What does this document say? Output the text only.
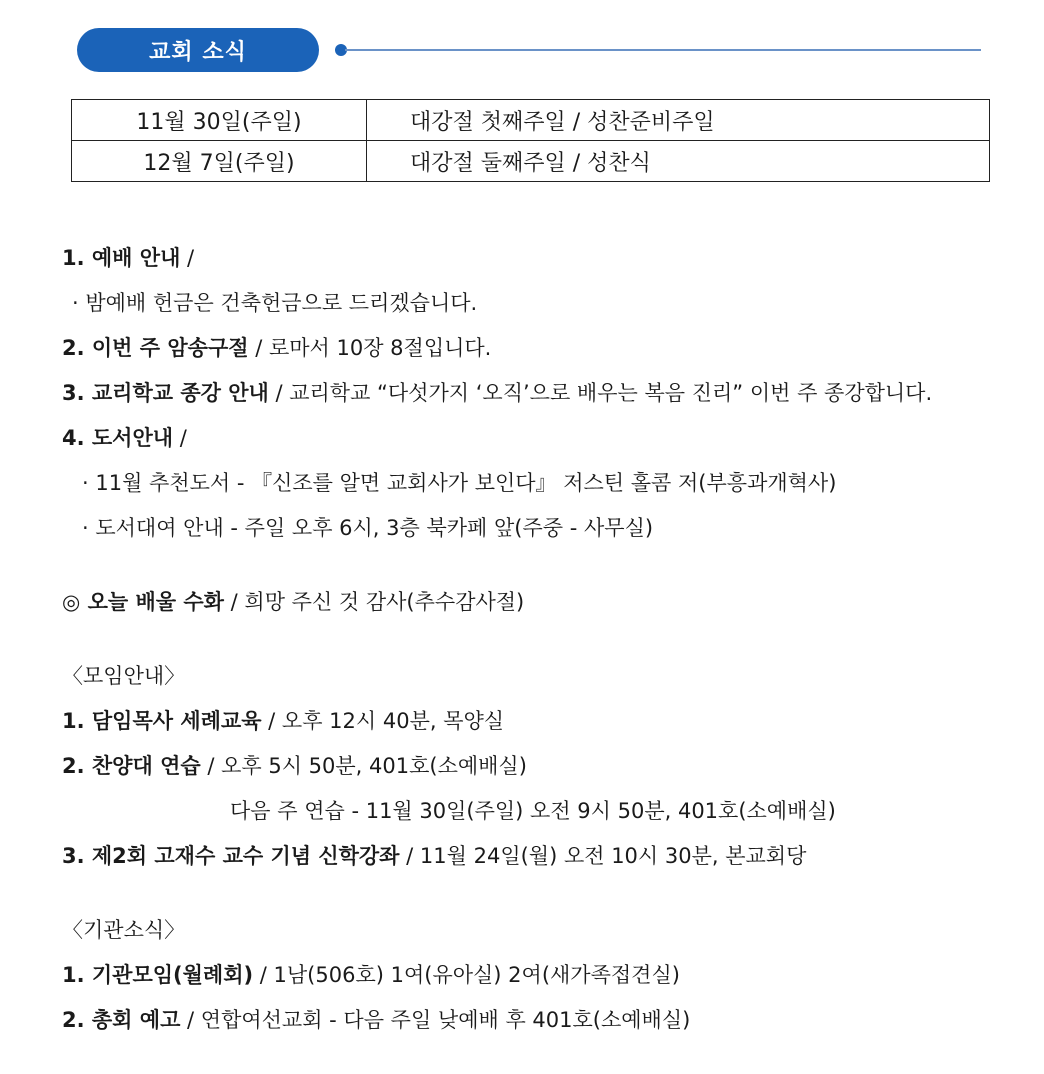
교회 소식
11월 30일(주일)	대강절 첫째주일 / 성찬준비주일
12월 7일(주일)	대강절 둘째주일 / 성찬식
1. 예배 안내 /
· 밤예배 헌금은 건축헌금으로 드리겠습니다.
2. 이번 주 암송구절 / 로마서 10장 8절입니다.
3. 교리학교 종강 안내 / 교리학교 “다섯가지 ‘오직’으로 배우는 복음 진리” 이번 주 종강합니다.
4. 도서안내 /
· 11월 추천도서 - 『신조를 알면 교회사가 보인다』 저스틴 홀콤 저(부흥과개혁사)
· 도서대여 안내 - 주일 오후 6시, 3층 북카페 앞(주중 - 사무실)
◎ 오늘 배울 수화 / 희망 주신 것 감사(추수감사절)
〈모임안내〉
1. 담임목사 세례교육 / 오후 12시 40분, 목양실
2. 찬양대 연습 / 오후 5시 50분, 401호(소예배실)
다음 주 연습 - 11월 30일(주일) 오전 9시 50분, 401호(소예배실)
3. 제2회 고재수 교수 기념 신학강좌 / 11월 24일(월) 오전 10시 30분, 본교회당
〈기관소식〉
1. 기관모임(월례회) / 1남(506호) 1여(유아실) 2여(새가족접견실)
2. 총회 예고 / 연합여선교회 - 다음 주일 낮예배 후 401호(소예배실)
